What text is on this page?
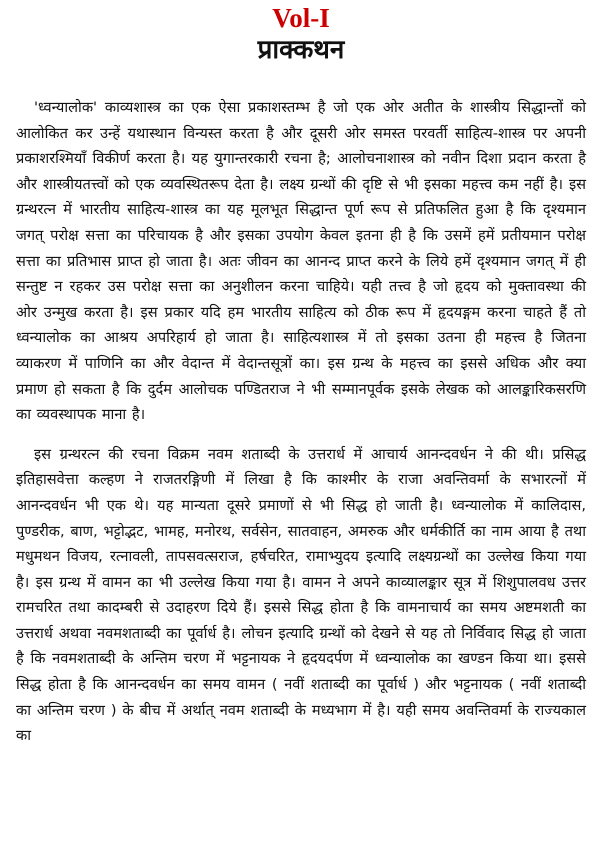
Vol-I
प्राक्कथन

'ध्वन्यालोक' काव्यशास्त्र का एक ऐसा प्रकाशस्तम्भ है जो एक ओर अतीत के शास्त्रीय सिद्धान्तों को आलोकित कर उन्हें यथास्थान विन्यस्त करता है और दूसरी ओर समस्त परवर्ती साहित्य-शास्त्र पर अपनी प्रकाशरश्मियाँ विकीर्ण करता है। यह युगान्तरकारी रचना है; आलोचनाशास्त्र को नवीन दिशा प्रदान करता है और शास्त्रीयतत्त्वों को एक व्यवस्थितरूप देता है। लक्ष्य ग्रन्थों की दृष्टि से भी इसका महत्त्व कम नहीं है। इस ग्रन्थरत्न में भारतीय साहित्य-शास्त्र का यह मूलभूत सिद्धान्त पूर्ण रूप से प्रतिफलित हुआ है कि दृश्यमान जगत् परोक्ष सत्ता का परिचायक है और इसका उपयोग केवल इतना ही है कि उसमें हमें प्रतीयमान परोक्ष सत्ता का प्रतिभास प्राप्त हो जाता है। अतः जीवन का आनन्द प्राप्त करने के लिये हमें दृश्यमान जगत् में ही सन्तुष्ट न रहकर उस परोक्ष सत्ता का अनुशीलन करना चाहिये। यही तत्त्व है जो हृदय को मुक्तावस्था की ओर उन्मुख करता है। इस प्रकार यदि हम भारतीय साहित्य को ठीक रूप में हृदयङ्गम करना चाहते हैं तो ध्वन्यालोक का आश्रय अपरिहार्य हो जाता है। साहित्यशास्त्र में तो इसका उतना ही महत्त्व है जितना व्याकरण में पाणिनि का और वेदान्त में वेदान्तसूत्रों का। इस ग्रन्थ के महत्त्व का इससे अधिक और क्या प्रमाण हो सकता है कि दुर्दम आलोचक पण्डितराज ने भी सम्मानपूर्वक इसके लेखक को आलङ्कारिकसरणि का व्यवस्थापक माना है।

इस ग्रन्थरत्न की रचना विक्रम नवम शताब्दी के उत्तरार्ध में आचार्य आनन्दवर्धन ने की थी। प्रसिद्ध इतिहासवेत्ता कल्हण ने राजतरङ्गिणी में लिखा है कि काश्मीर के राजा अवन्तिवर्मा के सभारत्नों में आनन्दवर्धन भी एक थे। यह मान्यता दूसरे प्रमाणों से भी सिद्ध हो जाती है। ध्वन्यालोक में कालिदास, पुण्डरीक, बाण, भट्टोद्भट, भामह, मनोरथ, सर्वसेन, सातवाहन, अमरुक और धर्मकीर्ति का नाम आया है तथा मधुमथन विजय, रत्नावली, तापसवत्सराज, हर्षचरित, रामाभ्युदय इत्यादि लक्ष्यग्रन्थों का उल्लेख किया गया है। इस ग्रन्थ में वामन का भी उल्लेख किया गया है। वामन ने अपने काव्यालङ्कार सूत्र में शिशुपालवध उत्तर रामचरित तथा कादम्बरी से उदाहरण दिये हैं। इससे सिद्ध होता है कि वामनाचार्य का समय अष्टमशती का उत्तरार्ध अथवा नवमशताब्दी का पूर्वार्ध है। लोचन इत्यादि ग्रन्थों को देखने से यह तो निर्विवाद सिद्ध हो जाता है कि नवमशताब्दी के अन्तिम चरण में भट्टनायक ने हृदयदर्पण में ध्वन्यालोक का खण्डन किया था। इससे सिद्ध होता है कि आनन्दवर्धन का समय वामन ( नवीं शताब्दी का पूर्वार्ध ) और भट्टनायक ( नवीं शताब्दी का अन्तिम चरण ) के बीच में अर्थात् नवम शताब्दी के मध्यभाग में है। यही समय अवन्तिवर्मा के राज्यकाल का
